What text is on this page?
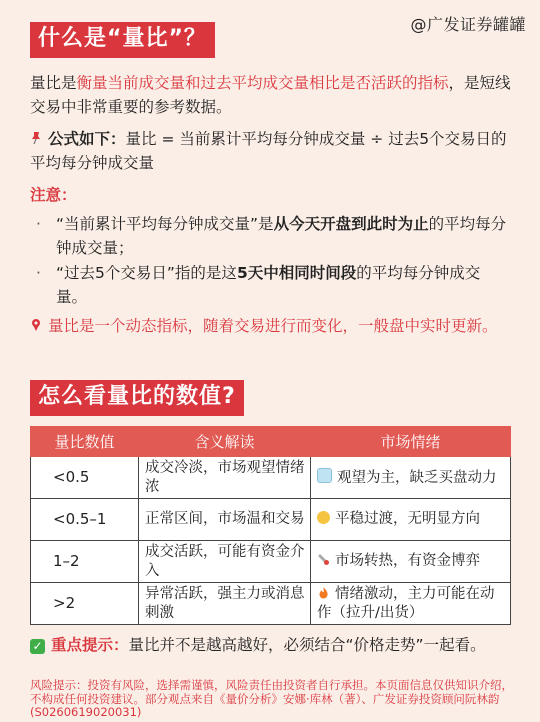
@广发证券罐罐
什么是“量比”？
量比是衡量当前成交量和过去平均成交量相比是否活跃的指标，是短线交易中非常重要的参考数据。
公式如下：量比 = 当前累计平均每分钟成交量 ÷ 过去5个交易日的平均每分钟成交量
注意：
· “当前累计平均每分钟成交量”是从今天开盘到此时为止的平均每分钟成交量；
· “过去5个交易日”指的是这5天中相同时间段的平均每分钟成交量。
量比是一个动态指标，随着交易进行而变化，一般盘中实时更新。
怎么看量比的数值?
量比数值	含义解读	市场情绪
<0.5	成交冷淡，市场观望情绪浓	观望为主，缺乏买盘动力
<0.5–1	正常区间，市场温和交易	平稳过渡，无明显方向
1–2	成交活跃，可能有资金介入	市场转热，有资金博弈
>2	异常活跃，强主力或消息刺激	情绪激动，主力可能在动作（拉升/出货）
✓ 重点提示：量比并不是越高越好，必须结合“价格走势”一起看。
风险提示：投资有风险，选择需谨慎，风险责任由投资者自行承担。本页面信息仅供知识介绍，不构成任何投资建议。部分观点来自《量价分析》安娜·库林（著）、广发证券投资顾问阮林韵(S0260619020031)
